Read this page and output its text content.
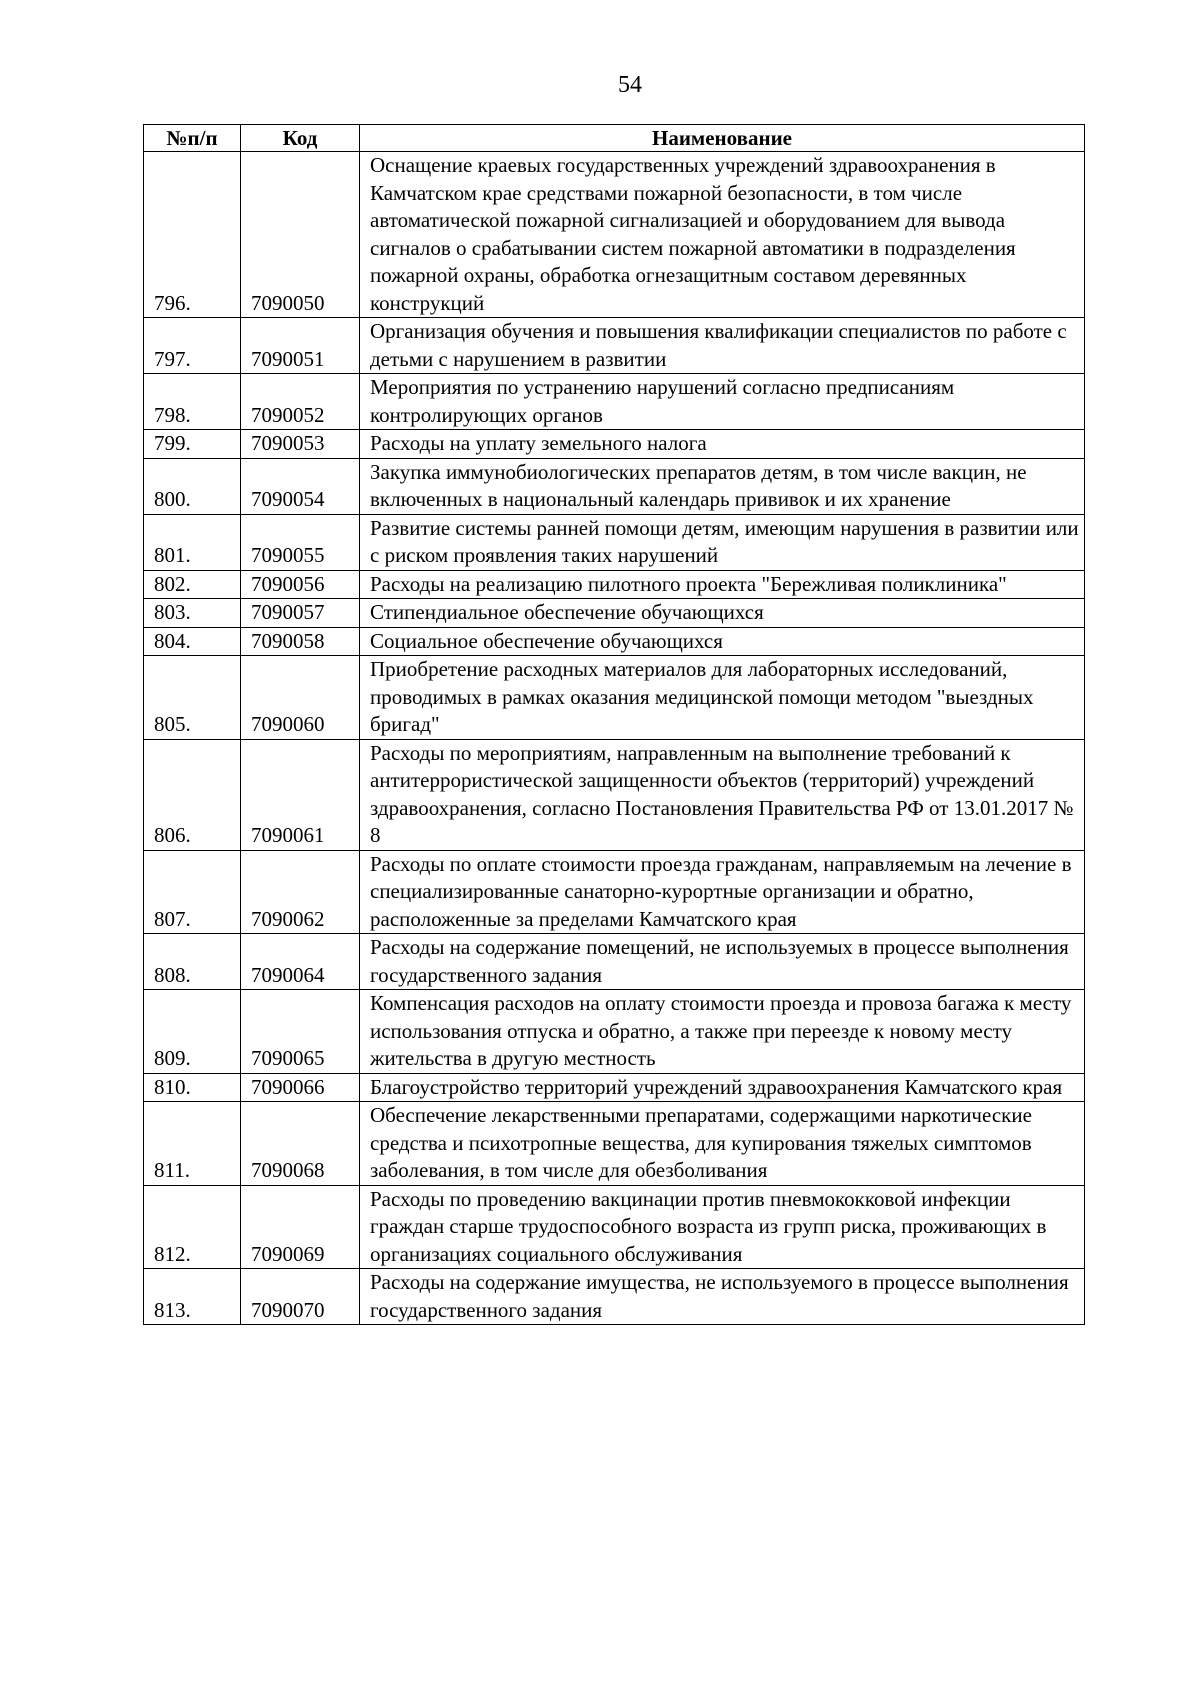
54
№п/п	Код	Наименование
796.	7090050	Оснащение краевых государственных учреждений здравоохранения в Камчатском крае средствами пожарной безопасности, в том числе автоматической пожарной сигнализацией и оборудованием для вывода сигналов о срабатывании систем пожарной автоматики в подразделения пожарной охраны, обработка огнезащитным составом деревянных конструкций
797.	7090051	Организация обучения и повышения квалификации специалистов по работе с детьми с нарушением в развитии
798.	7090052	Мероприятия по устранению нарушений согласно предписаниям контролирующих органов
799.	7090053	Расходы на уплату земельного налога
800.	7090054	Закупка иммунобиологических препаратов детям, в том числе вакцин, не включенных в национальный календарь прививок и их хранение
801.	7090055	Развитие системы ранней помощи детям, имеющим нарушения в развитии или с риском проявления таких нарушений
802.	7090056	Расходы на реализацию пилотного проекта "Бережливая поликлиника"
803.	7090057	Стипендиальное обеспечение обучающихся
804.	7090058	Социальное обеспечение обучающихся
805.	7090060	Приобретение расходных материалов для лабораторных исследований, проводимых в рамках оказания медицинской помощи методом "выездных бригад"
806.	7090061	Расходы по мероприятиям, направленным на выполнение требований к антитеррористической защищенности объектов (территорий) учреждений здравоохранения, согласно Постановления Правительства РФ от 13.01.2017 № 8
807.	7090062	Расходы по оплате стоимости проезда гражданам, направляемым на лечение в специализированные санаторно-курортные организации и обратно, расположенные за пределами Камчатского края
808.	7090064	Расходы на содержание помещений, не используемых в процессе выполнения государственного задания
809.	7090065	Компенсация расходов на оплату стоимости проезда и провоза багажа к месту использования отпуска и обратно, а также при переезде к новому месту жительства в другую местность
810.	7090066	Благоустройство территорий учреждений здравоохранения Камчатского края
811.	7090068	Обеспечение лекарственными препаратами, содержащими наркотические средства и психотропные вещества, для купирования тяжелых симптомов заболевания, в том числе для обезболивания
812.	7090069	Расходы по проведению вакцинации против пневмококковой инфекции граждан старше трудоспособного возраста из групп риска, проживающих в организациях социального обслуживания
813.	7090070	Расходы на содержание имущества, не используемого в процессе выполнения государственного задания
